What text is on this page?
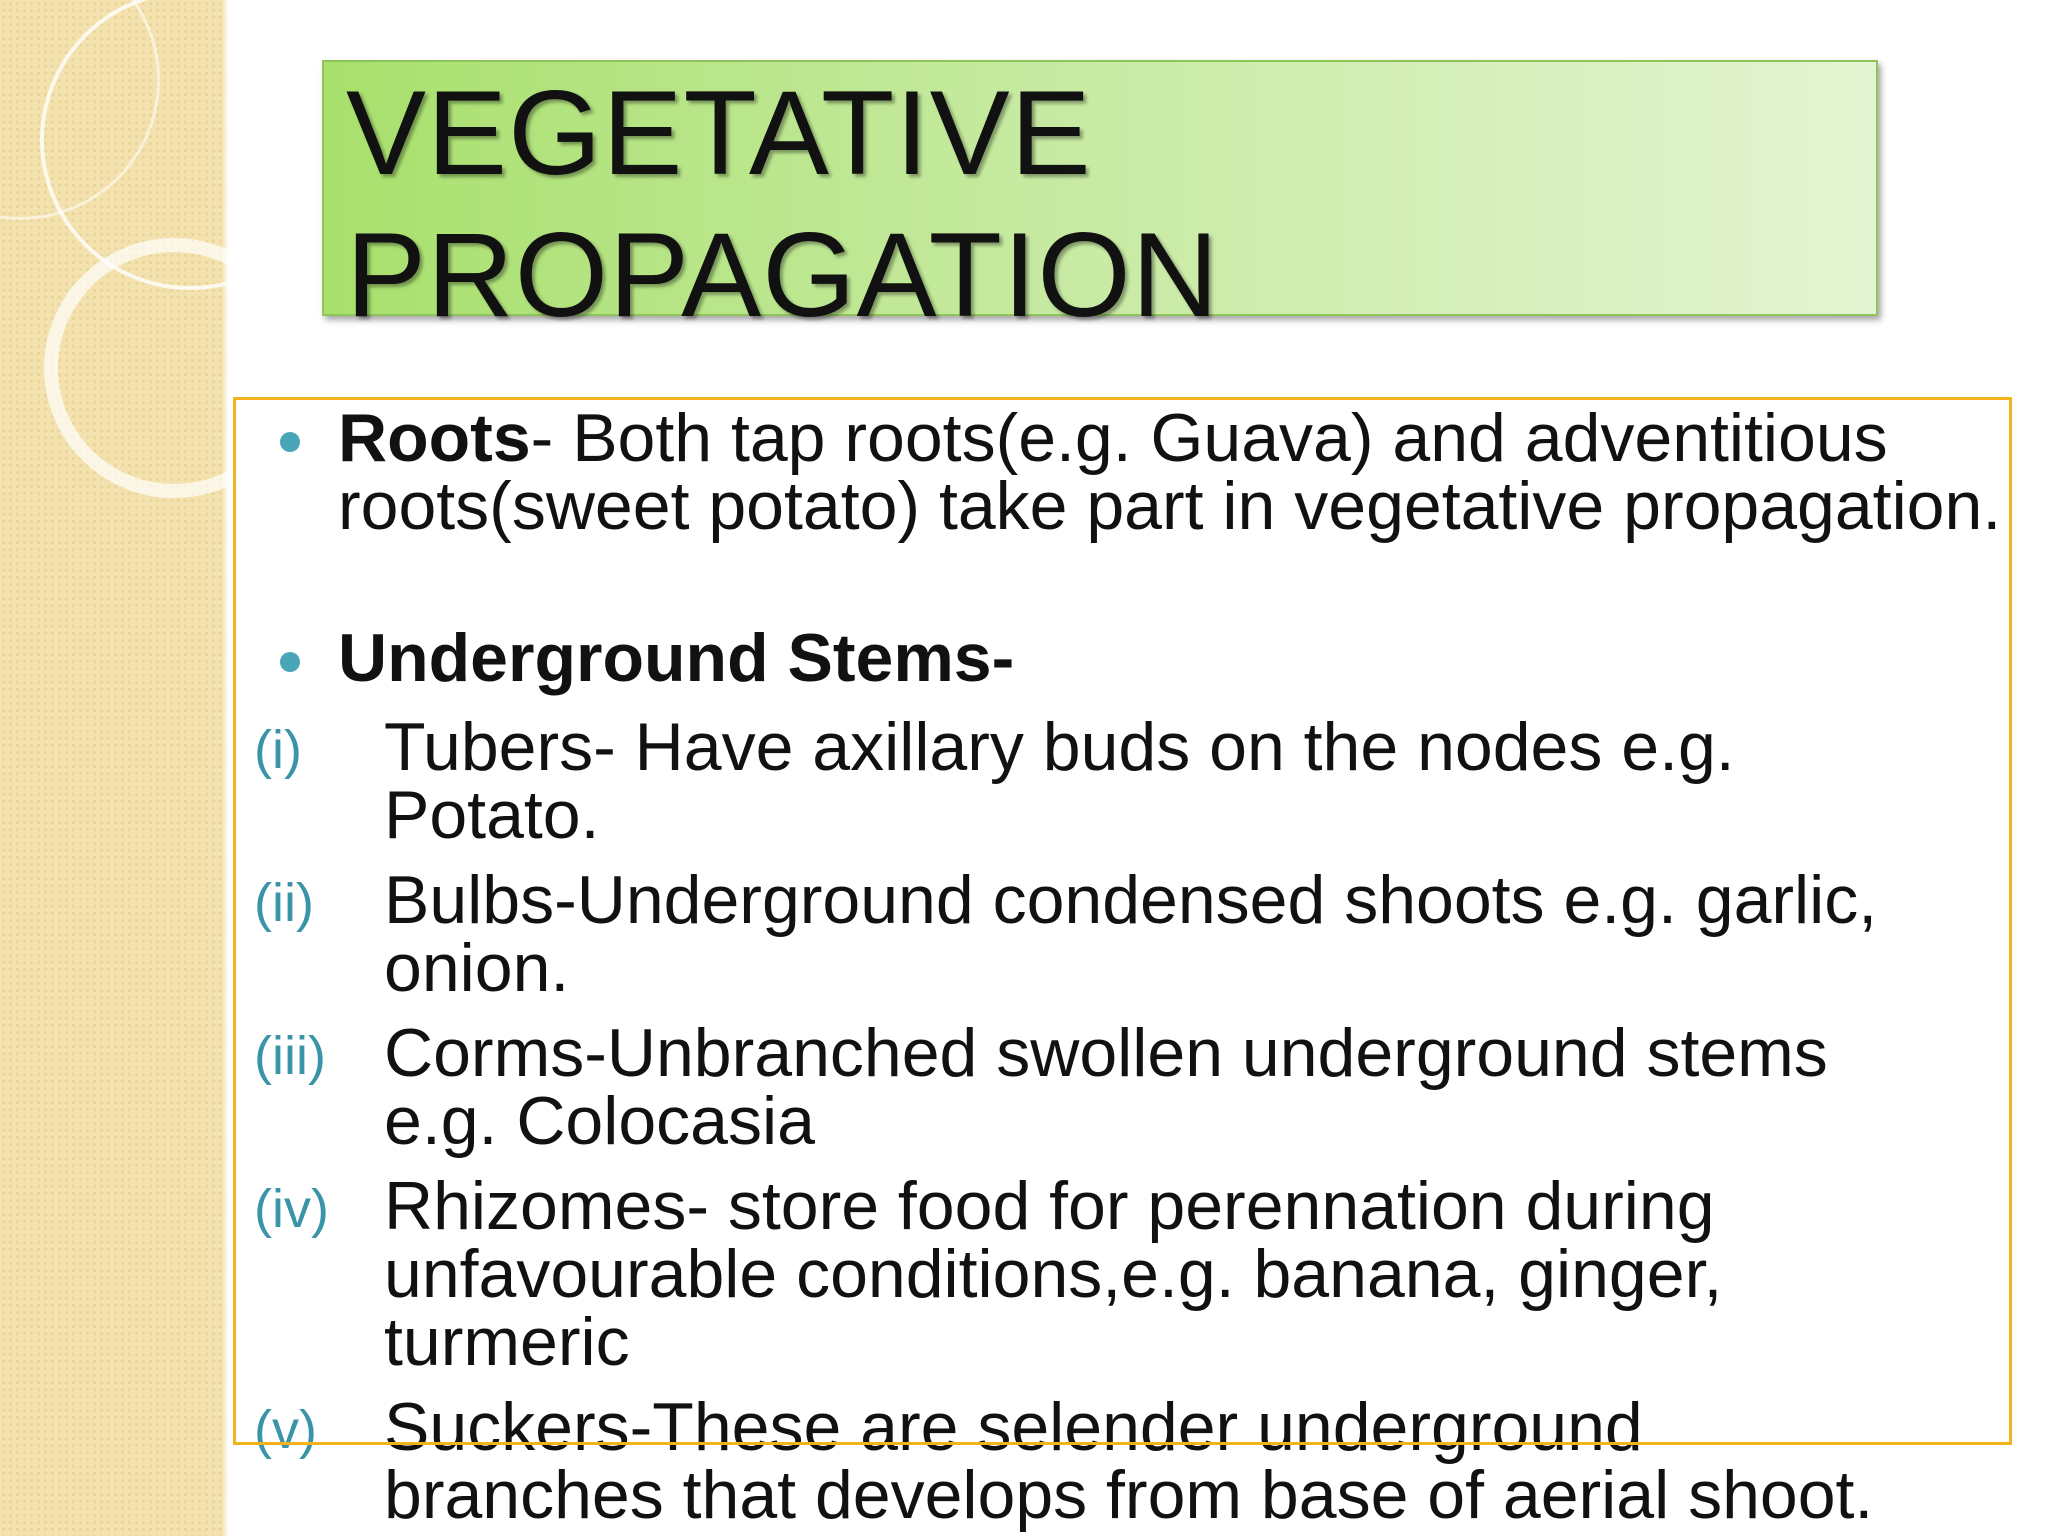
VEGETATIVE
PROPAGATION
Roots- Both tap roots(e.g. Guava) and adventitious roots(sweet potato) take part in vegetative propagation.
Underground Stems-
(i) Tubers- Have axillary buds on the nodes e.g.
Potato.
(ii) Bulbs-Underground condensed shoots e.g. garlic,
onion.
(iii) Corms-Unbranched swollen underground stems
e.g. Colocasia
(iv) Rhizomes- store food for perennation during
unfavourable conditions,e.g. banana, ginger,
turmeric
(v) Suckers-These are selender underground
branches that develops from base of aerial shoot.
